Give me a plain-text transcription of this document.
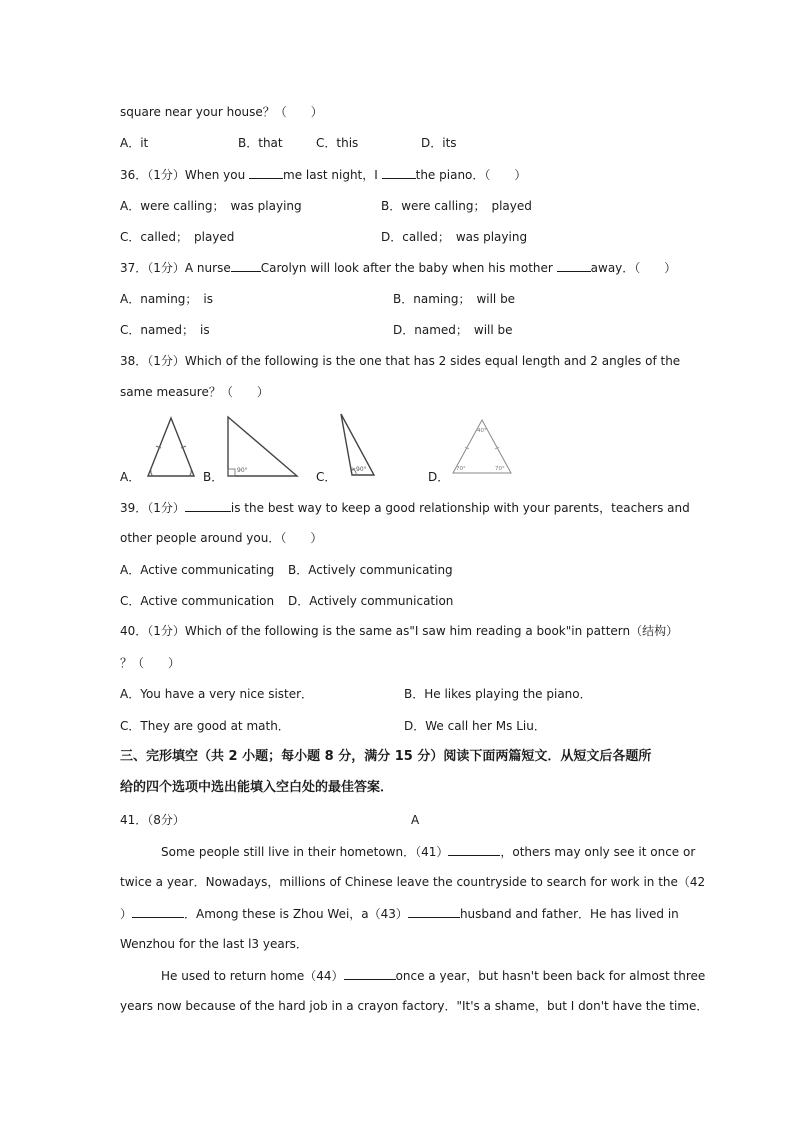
square near your house？（　　）
A．it	B．that	C．this	D．its
36．（1分）When you	me last night，I	the piano．（　　）
A．were calling；　was playing	B．were calling；　played
C．called；　played	D．called；　was playing
37．（1分）A nurse	Carolyn will look after the baby when his mother	away．（　　）
A．naming；　is	B．naming；　will be
C．named；　is	D．named；　will be
38．（1分）Which of the following is the one that has 2 sides equal length and 2 angles of the
same measure？（　　）
A．	B． 90°	C．
>90°
D．
40°
70°	70°
39．（1分）	is the best way to keep a good relationship with your parents，teachers and
other people around you．（　　）
A．Active communicating B．Actively communicating
C．Active communication D．Actively communication
40．（1分）Which of the following is the same as"I saw him reading a book"in pattern（结构）
？（　　）
A．You have a very nice sister．	B．He likes playing the piano．
C．They are good at math．	D．We call her Ms Liu．
三、完形填空（共 2 小题；每小题 8 分，满分 15 分）阅读下面两篇短文．从短文后各题所
给的四个选项中选出能填入空白处的最佳答案．
41．（8分）	A
Some people still live in their hometown．（41）	，others may only see it once or
twice a year．Nowadays，millions of Chinese leave the countryside to search for work in the（42
）	．Among these is Zhou Wei，a（43）	husband and father．He has lived in
Wenzhou for the last l3 years．
He used to return home（44）	once a year，but hasn't been back for almost three
years now because of the hard job in a crayon factory．"It's a shame，but I don't have the time．
